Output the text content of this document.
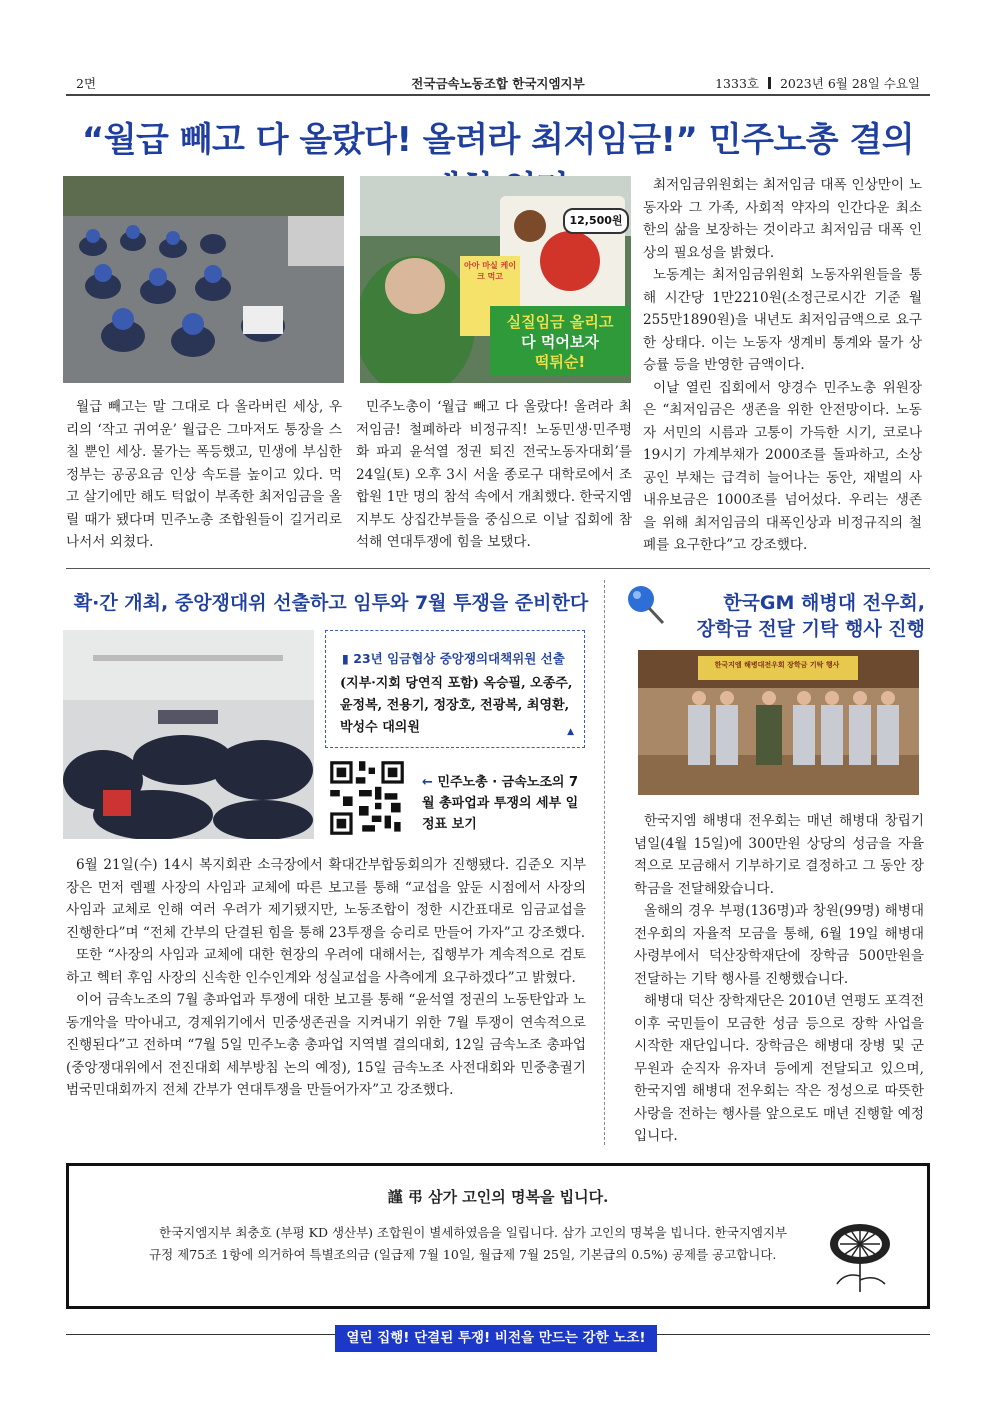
2면	전국금속노동조합 한국지엠지부	1333호 2023년 6월 28일 수요일
“월급 빼고 다 올랐다! 올려라 최저임금!” 민주노총 결의
12,500원
아아 마실 케이크 먹고
실질임금 올리고
다 먹어보자
떡튀순!

월급 빼고는 말 그대로 다 올라버린 세상, 우리의 ‘작고 귀여운’ 월급은 그마저도 통장을 스칠 뿐인 세상. 물가는 폭등했고, 민생에 부심한 정부는 공공요금 인상 속도를 높이고 있다. 먹고 살기에만 해도 턱없이 부족한 최저임금을 올릴 때가 됐다며 민주노총 조합원들이 길거리로 나서서 외쳤다.

민주노총이 ‘월급 빼고 다 올랐다! 올려라 최저임금! 철폐하라 비정규직! 노동민생·민주평화 파괴 윤석열 정권 퇴진 전국노동자대회’를 24일(토) 오후 3시 서울 종로구 대학로에서 조합원 1만 명의 참석 속에서 개최했다. 한국지엠지부도 상집간부들을 중심으로 이날 집회에 참석해 연대투쟁에 힘을 보탰다.

최저임금위원회는 최저임금 대폭 인상만이 노동자와 그 가족, 사회적 약자의 인간다운 최소한의 삶을 보장하는 것이라고 최저임금 대폭 인상의 필요성을 밝혔다.

노동계는 최저임금위원회 노동자위원들을 통해 시간당 1만2210원(소정근로시간 기준 월 255만1890원)을 내년도 최저임금액으로 요구한 상태다. 이는 노동자 생계비 통계와 물가 상승률 등을 반영한 금액이다.

이날 열린 집회에서 양경수 민주노총 위원장은 “최저임금은 생존을 위한 안전망이다. 노동자 서민의 시름과 고통이 가득한 시기, 코로나19시기 가계부채가 2000조를 돌파하고, 소상공인 부채는 급격히 늘어나는 동안, 재벌의 사내유보금은 1000조를 넘어섰다. 우리는 생존을 위해 최저임금의 대폭인상과 비정규직의 철폐를 요구한다”고 강조했다.

확·간 개최, 중앙쟁대위 선출하고 임투와 7월 투쟁을 준비한다
▮ 23년 임금협상 중앙쟁의대책위원 선출
(지부·지회 당연직 포함) 옥승필, 오종주, 윤정복, 전용기, 정장호, 전광복, 최영환, 박성수 대의원	▲
← 민주노총 · 금속노조의 7월 총파업과 투쟁의 세부 일정표 보기

6월 21일(수) 14시 복지회관 소극장에서 확대간부합동회의가 진행됐다. 김준오 지부장은 먼저 렘펠 사장의 사임과 교체에 따른 보고를 통해 “교섭을 앞둔 시점에서 사장의 사임과 교체로 인해 여러 우려가 제기됐지만, 노동조합이 정한 시간표대로 임금교섭을 진행한다”며 “전체 간부의 단결된 힘을 통해 23투쟁을 승리로 만들어 가자”고 강조했다.

또한 “사장의 사임과 교체에 대한 현장의 우려에 대해서는, 집행부가 계속적으로 검토하고 헥터 후임 사장의 신속한 인수인계와 성실교섭을 사측에게 요구하겠다”고 밝혔다.

이어 금속노조의 7월 총파업과 투쟁에 대한 보고를 통해 “윤석열 정권의 노동탄압과 노동개악을 막아내고, 경제위기에서 민중생존권을 지켜내기 위한 7월 투쟁이 연속적으로 진행된다”고 전하며 “7월 5일 민주노총 총파업 지역별 결의대회, 12일 금속노조 총파업(중앙쟁대위에서 전진대회 세부방침 논의 예정), 15일 금속노조 사전대회와 민중총궐기 범국민대회까지 전체 간부가 연대투쟁을 만들어가자”고 강조했다.

한국GM 해병대 전우회,
장학금 전달 기탁 행사 진행
한국지엠 해병대전우회 장학금 기탁 행사

한국지엠 해병대 전우회는 매년 해병대 창립기념일(4월 15일)에 300만원 상당의 성금을 자율적으로 모금해서 기부하기로 결정하고 그 동안 장학금을 전달해왔습니다.

올해의 경우 부평(136명)과 창원(99명) 해병대 전우회의 자율적 모금을 통해, 6월 19일 해병대 사령부에서 덕산장학재단에 장학금 500만원을 전달하는 기탁 행사를 진행했습니다.

해병대 덕산 장학재단은 2010년 연평도 포격전 이후 국민들이 모금한 성금 등으로 장학 사업을 시작한 재단입니다. 장학금은 해병대 장병 및 군무원과 순직자 유자녀 등에게 전달되고 있으며, 한국지엠 해병대 전우회는 작은 정성으로 따뜻한 사랑을 전하는 행사를 앞으로도 매년 진행할 예정입니다.

謹 弔 삼가 고인의 명복을 빕니다.
한국지엠지부 최충호 (부평 KD 생산부) 조합원이 별세하였음을 일립니다. 삼가 고인의 명복을 빕니다. 한국지엠지부 규정 제75조 1항에 의거하여 특별조의금 (일급제 7월 10일, 월급제 7월 25일, 기본급의 0.5%) 공제를 공고합니다.
열린 집행! 단결된 투쟁! 비전을 만드는 강한 노조!
